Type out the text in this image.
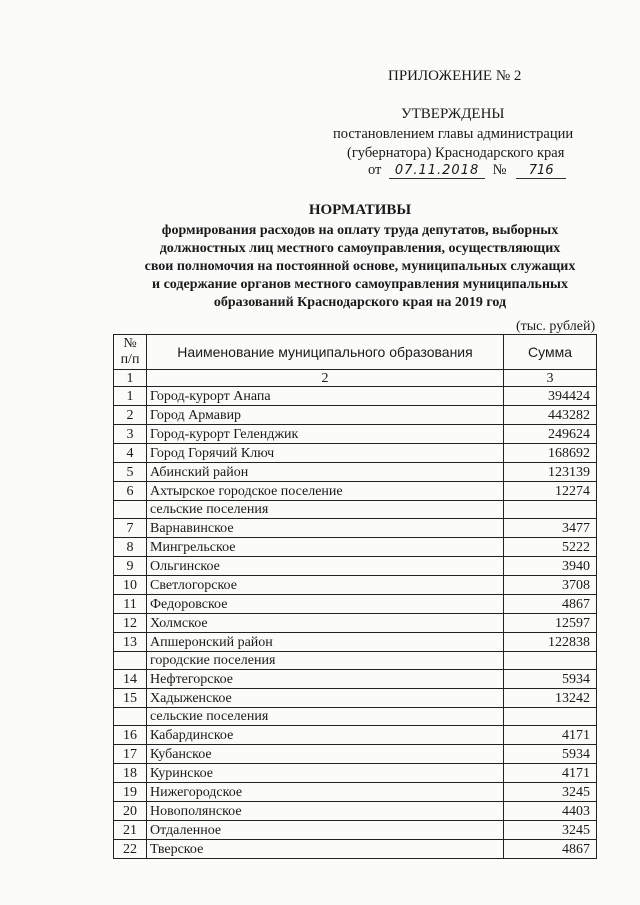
ПРИЛОЖЕНИЕ № 2
УТВЕРЖДЕНЫ
постановлением главы администрации
(губернатора) Краснодарского края
от 07.11.2018 № 716
НОРМАТИВЫ
формирования расходов на оплату труда депутатов, выборных
должностных лиц местного самоуправления, осуществляющих
свои полномочия на постоянной основе, муниципальных служащих
и содержание органов местного самоуправления муниципальных
образований Краснодарского края на 2019 год
(тыс. рублей)
№ п/п	Наименование муниципального образования	Сумма
1	2	3
1	Город-курорт Анапа	394424
2	Город Армавир	443282
3	Город-курорт Геленджик	249624
4	Город Горячий Ключ	168692
5	Абинский район	123139
6	Ахтырское городское поселение	12274
	сельские поселения	
7	Варнавинское	3477
8	Мингрельское	5222
9	Ольгинское	3940
10	Светлогорское	3708
11	Федоровское	4867
12	Холмское	12597
13	Апшеронский район	122838
	городские поселения	
14	Нефтегорское	5934
15	Хадыженское	13242
	сельские поселения	
16	Кабардинское	4171
17	Кубанское	5934
18	Куринское	4171
19	Нижегородское	3245
20	Новополянское	4403
21	Отдаленное	3245
22	Тверское	4867
